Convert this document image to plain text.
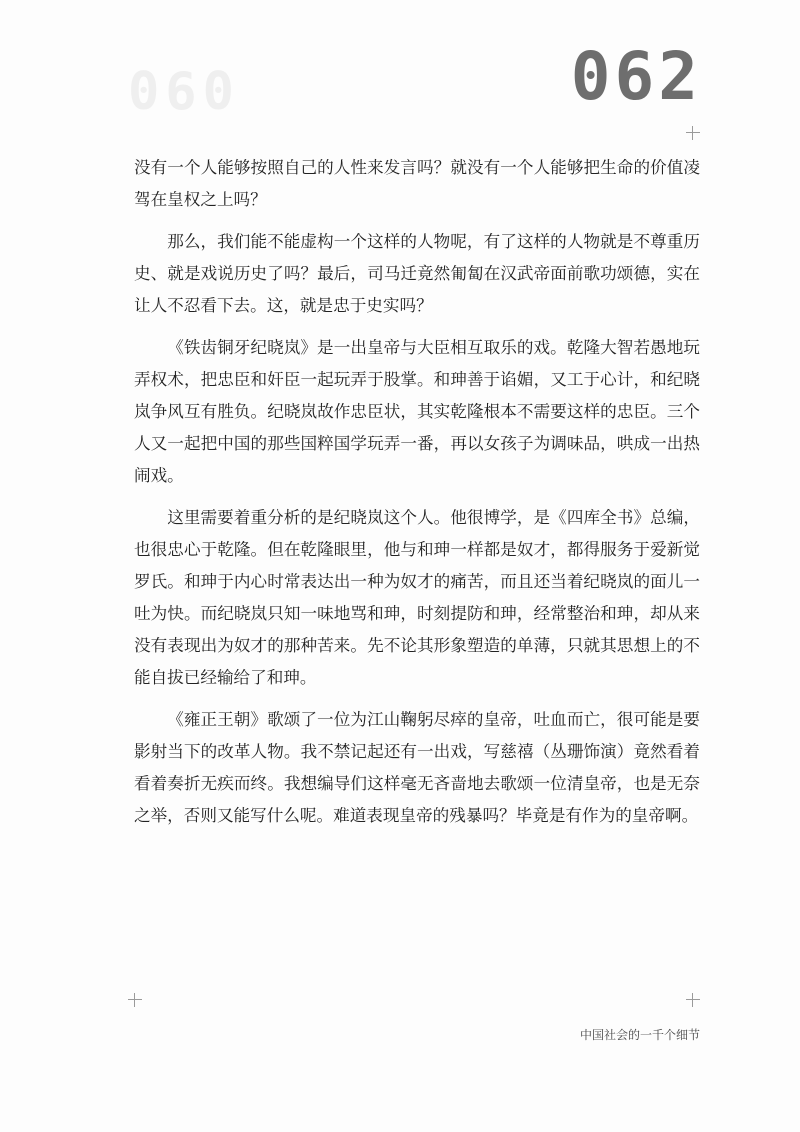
060	062

没有一个人能够按照自己的人性来发言吗？就没有一个人能够把生命的价值凌驾在皇权之上吗？

那么，我们能不能虚构一个这样的人物呢，有了这样的人物就是不尊重历史、就是戏说历史了吗？最后，司马迁竟然匍匐在汉武帝面前歌功颂德，实在让人不忍看下去。这，就是忠于史实吗？

《铁齿铜牙纪晓岚》是一出皇帝与大臣相互取乐的戏。乾隆大智若愚地玩弄权术，把忠臣和奸臣一起玩弄于股掌。和珅善于谄媚，又工于心计，和纪晓岚争风互有胜负。纪晓岚故作忠臣状，其实乾隆根本不需要这样的忠臣。三个人又一起把中国的那些国粹国学玩弄一番，再以女孩子为调味品，哄成一出热闹戏。

这里需要着重分析的是纪晓岚这个人。他很博学，是《四库全书》总编，也很忠心于乾隆。但在乾隆眼里，他与和珅一样都是奴才，都得服务于爱新觉罗氏。和珅于内心时常表达出一种为奴才的痛苦，而且还当着纪晓岚的面儿一吐为快。而纪晓岚只知一味地骂和珅，时刻提防和珅，经常整治和珅，却从来没有表现出为奴才的那种苦来。先不论其形象塑造的单薄，只就其思想上的不能自拔已经输给了和珅。

《雍正王朝》歌颂了一位为江山鞠躬尽瘁的皇帝，吐血而亡，很可能是要影射当下的改革人物。我不禁记起还有一出戏，写慈禧（丛珊饰演）竟然看着看着奏折无疾而终。我想编导们这样毫无吝啬地去歌颂一位清皇帝，也是无奈之举，否则又能写什么呢。难道表现皇帝的残暴吗？毕竟是有作为的皇帝啊。

中国社会的一千个细节
